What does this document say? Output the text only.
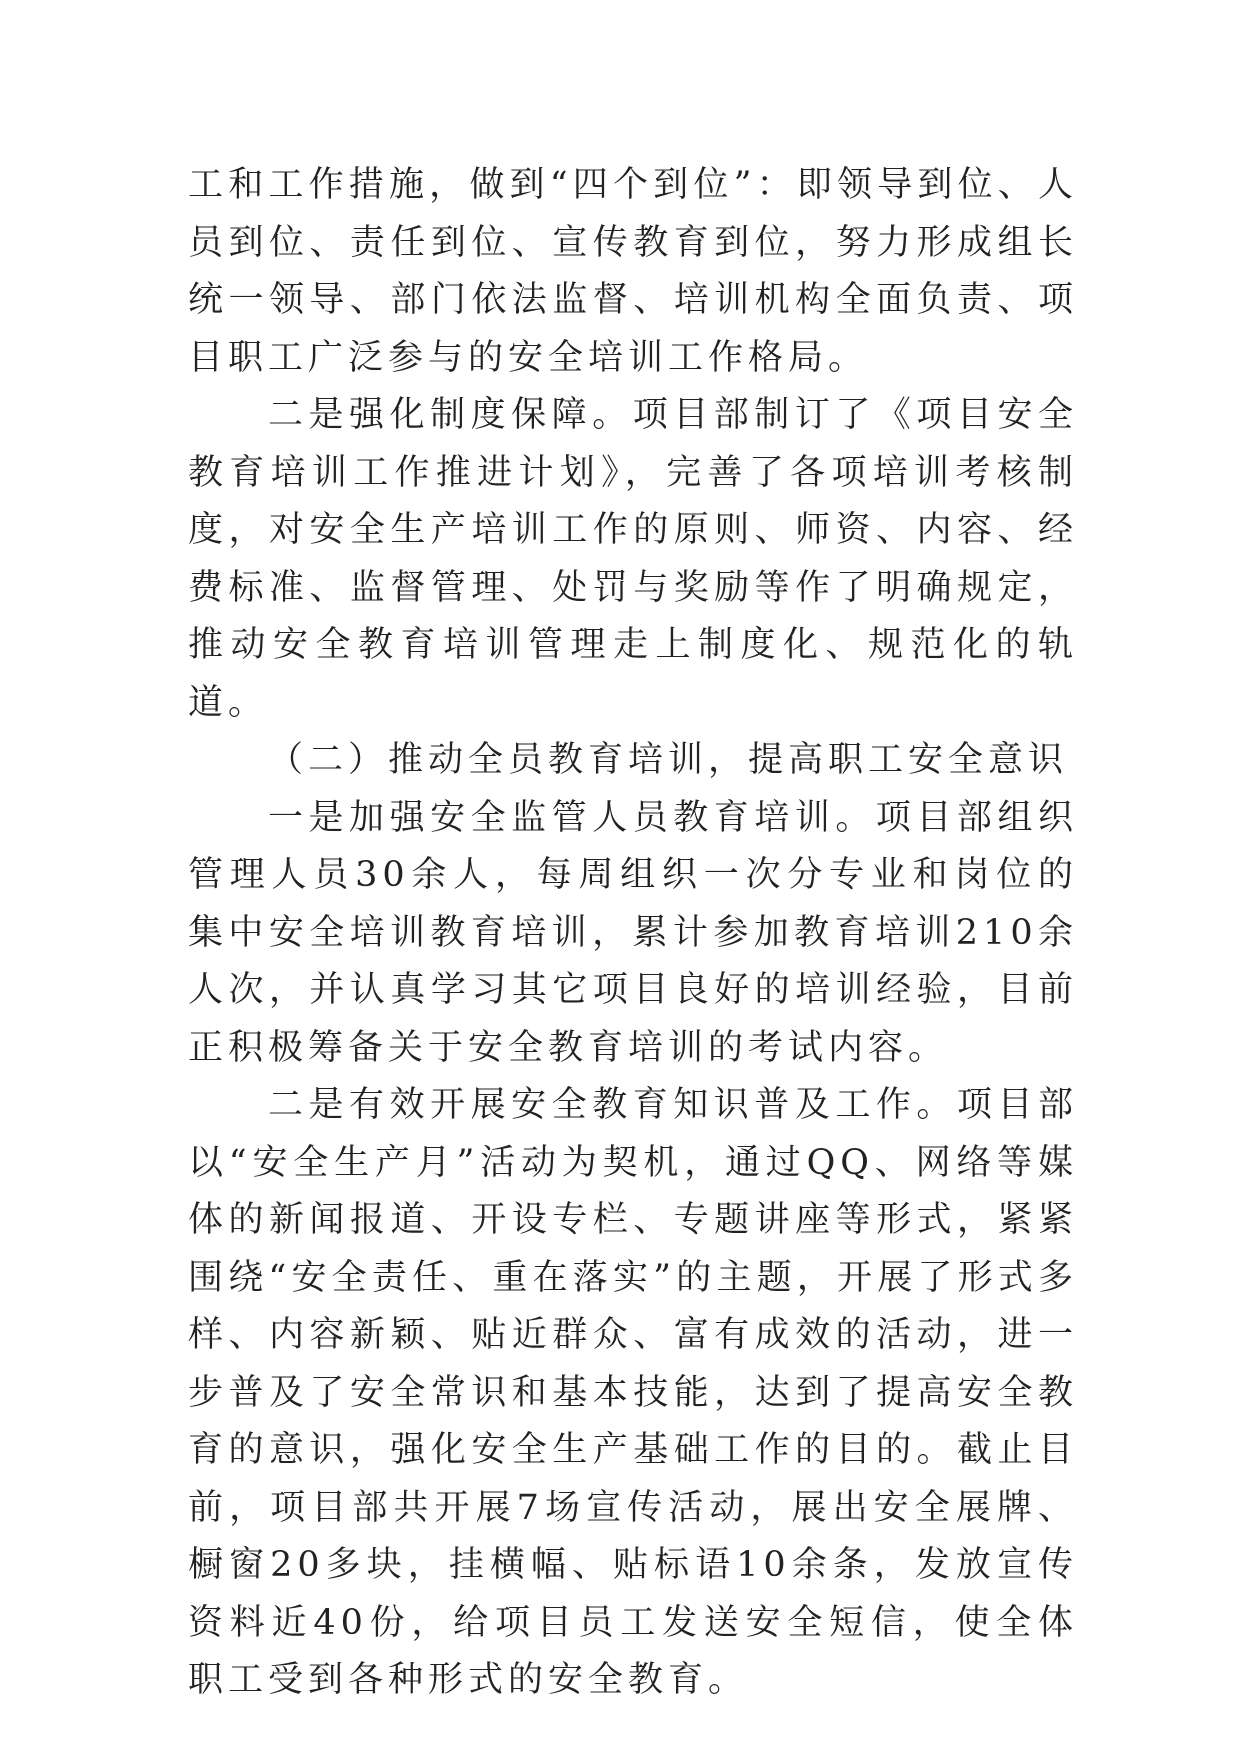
工和工作措施，做到“四个到位”：即领导到位、人员到位、责任到位、宣传教育到位，努力形成组长统一领导、部门依法监督、培训机构全面负责、项目职工广泛参与的安全培训工作格局。

二是强化制度保障。项目部制订了《项目安全教育培训工作推进计划》，完善了各项培训考核制度，对安全生产培训工作的原则、师资、内容、经费标准、监督管理、处罚与奖励等作了明确规定，推动安全教育培训管理走上制度化、规范化的轨道。

（二）推动全员教育培训，提高职工安全意识

一是加强安全监管人员教育培训。项目部组织管理人员30余人，每周组织一次分专业和岗位的集中安全培训教育培训，累计参加教育培训210余人次，并认真学习其它项目良好的培训经验，目前正积极筹备关于安全教育培训的考试内容。

二是有效开展安全教育知识普及工作。项目部以“安全生产月”活动为契机，通过QQ、网络等媒体的新闻报道、开设专栏、专题讲座等形式，紧紧围绕“安全责任、重在落实”的主题，开展了形式多样、内容新颖、贴近群众、富有成效的活动，进一步普及了安全常识和基本技能，达到了提高安全教育的意识，强化安全生产基础工作的目的。截止目前，项目部共开展7场宣传活动，展出安全展牌、橱窗20多块，挂横幅、贴标语10余条，发放宣传资料近40份，给项目员工发送安全短信，使全体职工受到各种形式的安全教育。
